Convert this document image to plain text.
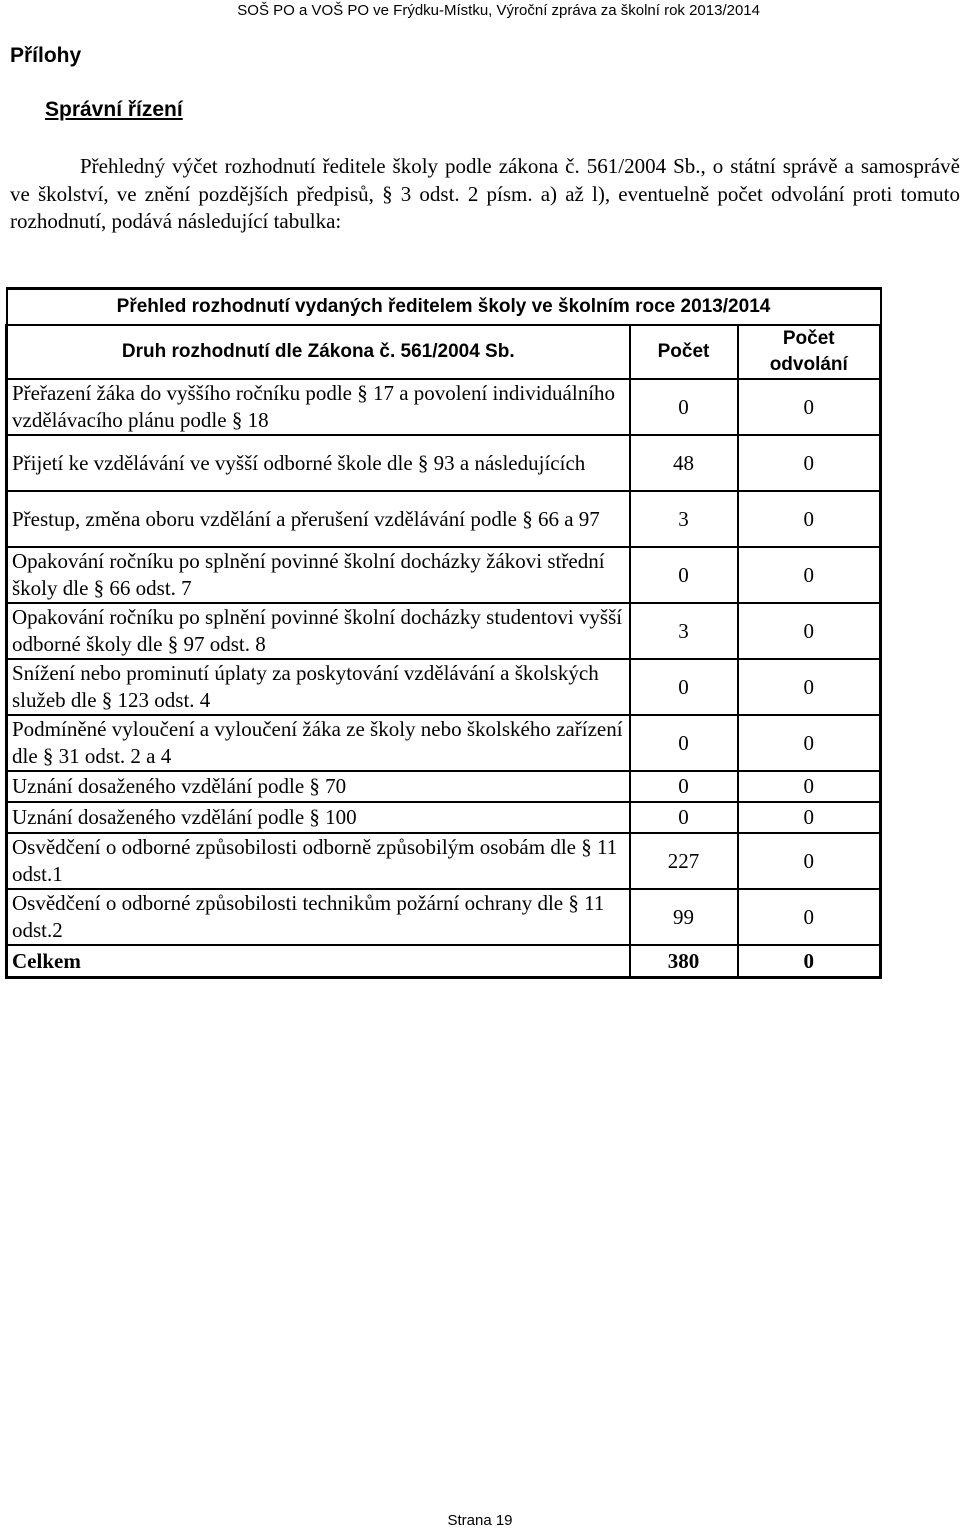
SOŠ PO a VOŠ PO ve Frýdku-Místku, Výroční zpráva za školní rok 2013/2014
Přílohy
Správní řízení
Přehledný výčet rozhodnutí ředitele školy podle zákona č. 561/2004 Sb., o státní správě a samosprávě ve školství, ve znění pozdějších předpisů, § 3 odst. 2 písm. a) až l), eventuelně počet odvolání proti tomuto rozhodnutí, podává následující tabulka:
Přehled rozhodnutí vydaných ředitelem školy ve školním roce 2013/2014		
Druh rozhodnutí dle Zákona č. 561/2004 Sb.	Počet	Počet odvolání

Přeřazení žáka do vyššího ročníku podle § 17 a povolení individuálního vzdělávacího plánu podle § 18	0	0
Přijetí ke vzdělávání ve vyšší odborné škole dle § 93 a následujících	48	0
Přestup, změna oboru vzdělání a přerušení vzdělávání podle § 66 a 97	3	0
Opakování ročníku po splnění povinné školní docházky žákovi střední školy dle § 66 odst. 7	0	0
Opakování ročníku po splnění povinné školní docházky studentovi vyšší odborné školy dle § 97 odst. 8	3	0
Snížení nebo prominutí úplaty za poskytování vzdělávání a školských služeb dle § 123 odst. 4	0	0
Podmíněné vyloučení a vyloučení žáka ze školy nebo školského zařízení dle § 31 odst. 2 a 4	0	0
Uznání dosaženého vzdělání podle § 70	0	0
Uznání dosaženého vzdělání podle § 100	0	0
Osvědčení o odborné způsobilosti odborně způsobilým osobám dle § 11 odst.1	227	0
Osvědčení o odborné způsobilosti technikům požární ochrany dle § 11 odst.2	99	0
Celkem	380	0
Strana 19
